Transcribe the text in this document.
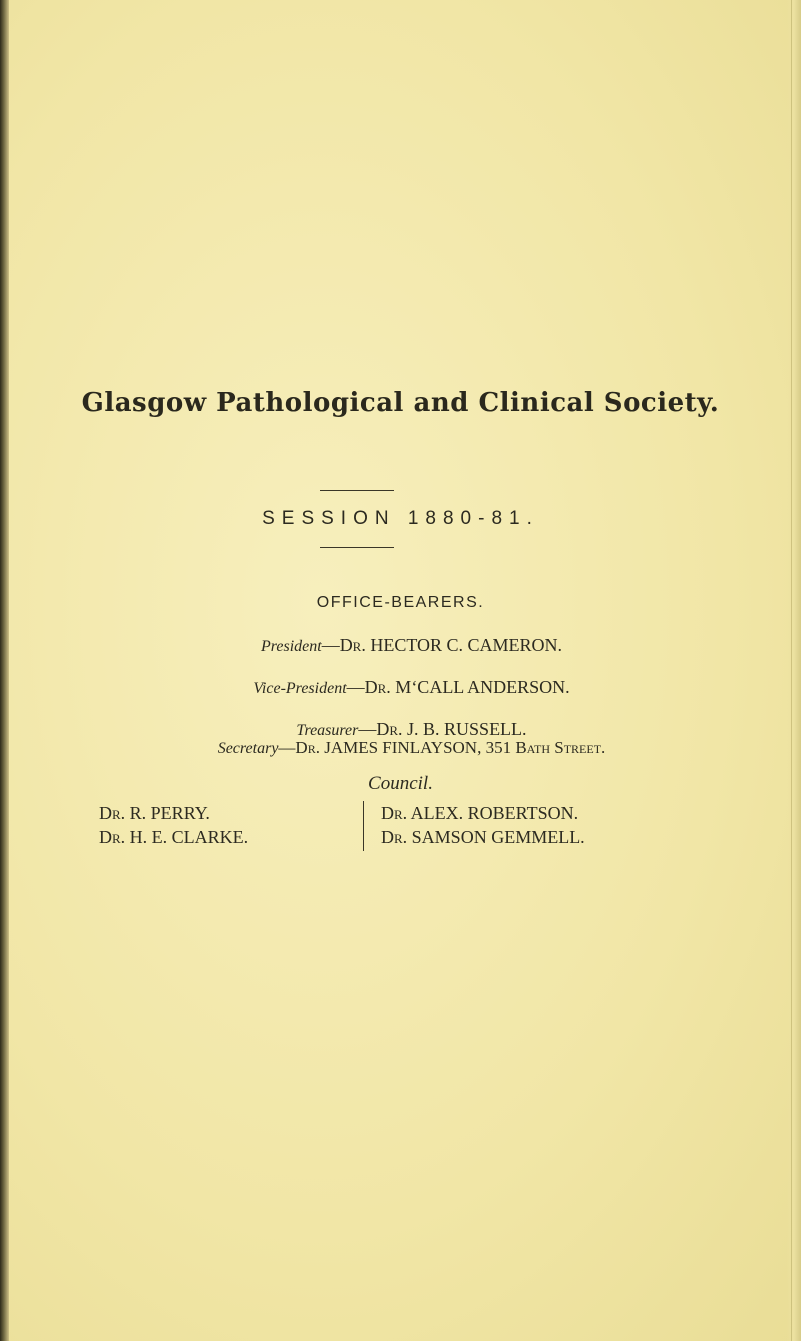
Glasgow Pathological and Clinical Society.
SESSION 1880-81.
OFFICE-BEARERS.
President—Dr. HECTOR C. CAMERON.
Vice-President—Dr. M‘CALL ANDERSON.
Treasurer—Dr. J. B. RUSSELL.
Secretary—Dr. JAMES FINLAYSON, 351 Bath Street.
Council.
Dr. R. PERRY.
Dr. H. E. CLARKE.
Dr. ALEX. ROBERTSON.
Dr. SAMSON GEMMELL.
